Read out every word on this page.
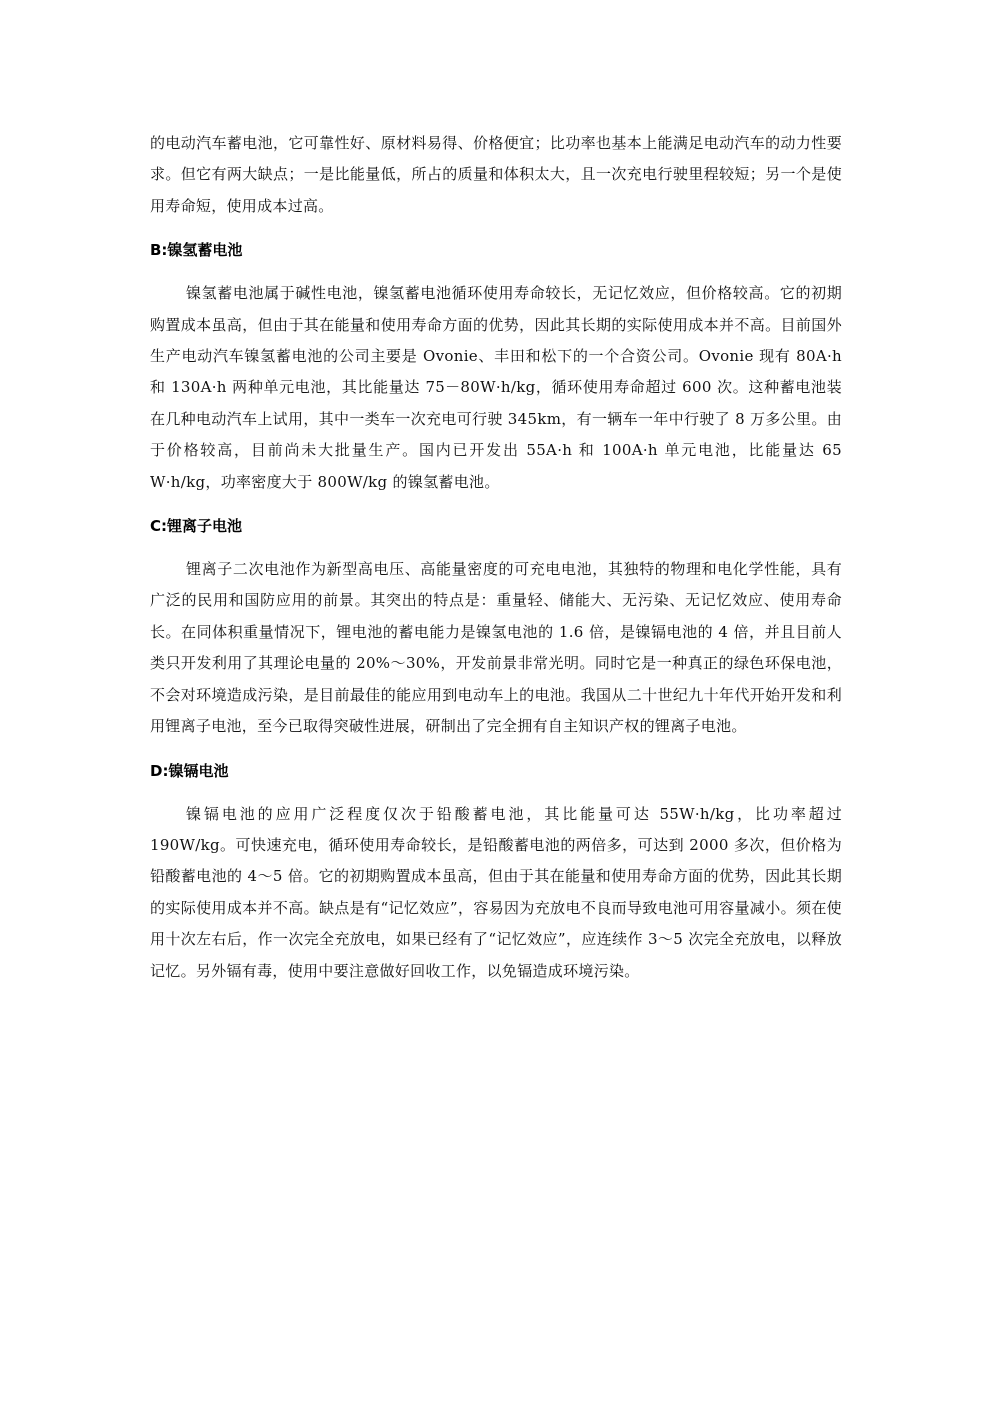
的电动汽车蓄电池，它可靠性好、原材料易得、价格便宜；比功率也基本上能满足电动汽车的动力性要求。但它有两大缺点；一是比能量低，所占的质量和体积太大，且一次充电行驶里程较短；另一个是使用寿命短，使用成本过高。

B:镍氢蓄电池

镍氢蓄电池属于碱性电池，镍氢蓄电池循环使用寿命较长，无记忆效应，但价格较高。它的初期购置成本虽高，但由于其在能量和使用寿命方面的优势，因此其长期的实际使用成本并不高。目前国外生产电动汽车镍氢蓄电池的公司主要是 Ovonie、丰田和松下的一个合资公司。Ovonie 现有 80A·h 和 130A·h 两种单元电池，其比能量达 75－80W·h/kg，循环使用寿命超过 600 次。这种蓄电池装在几种电动汽车上试用，其中一类车一次充电可行驶 345km，有一辆车一年中行驶了 8 万多公里。由于价格较高，目前尚未大批量生产。国内已开发出 55A·h 和 100A·h 单元电池，比能量达 65 W·h/kg，功率密度大于 800W/kg 的镍氢蓄电池。

C:锂离子电池

锂离子二次电池作为新型高电压、高能量密度的可充电电池，其独特的物理和电化学性能，具有广泛的民用和国防应用的前景。其突出的特点是：重量轻、储能大、无污染、无记忆效应、使用寿命长。在同体积重量情况下，锂电池的蓄电能力是镍氢电池的 1.6 倍，是镍镉电池的 4 倍，并且目前人类只开发利用了其理论电量的 20%～30%，开发前景非常光明。同时它是一种真正的绿色环保电池，不会对环境造成污染，是目前最佳的能应用到电动车上的电池。我国从二十世纪九十年代开始开发和利用锂离子电池，至今已取得突破性进展，研制出了完全拥有自主知识产权的锂离子电池。

D:镍镉电池

镍镉电池的应用广泛程度仅次于铅酸蓄电池，其比能量可达 55W·h/kg，比功率超过 190W/kg。可快速充电，循环使用寿命较长，是铅酸蓄电池的两倍多，可达到 2000 多次，但价格为铅酸蓄电池的 4～5 倍。它的初期购置成本虽高，但由于其在能量和使用寿命方面的优势，因此其长期的实际使用成本并不高。缺点是有“记忆效应”，容易因为充放电不良而导致电池可用容量减小。须在使用十次左右后，作一次完全充放电，如果已经有了“记忆效应”，应连续作 3～5 次完全充放电，以释放记忆。另外镉有毒，使用中要注意做好回收工作，以免镉造成环境污染。
